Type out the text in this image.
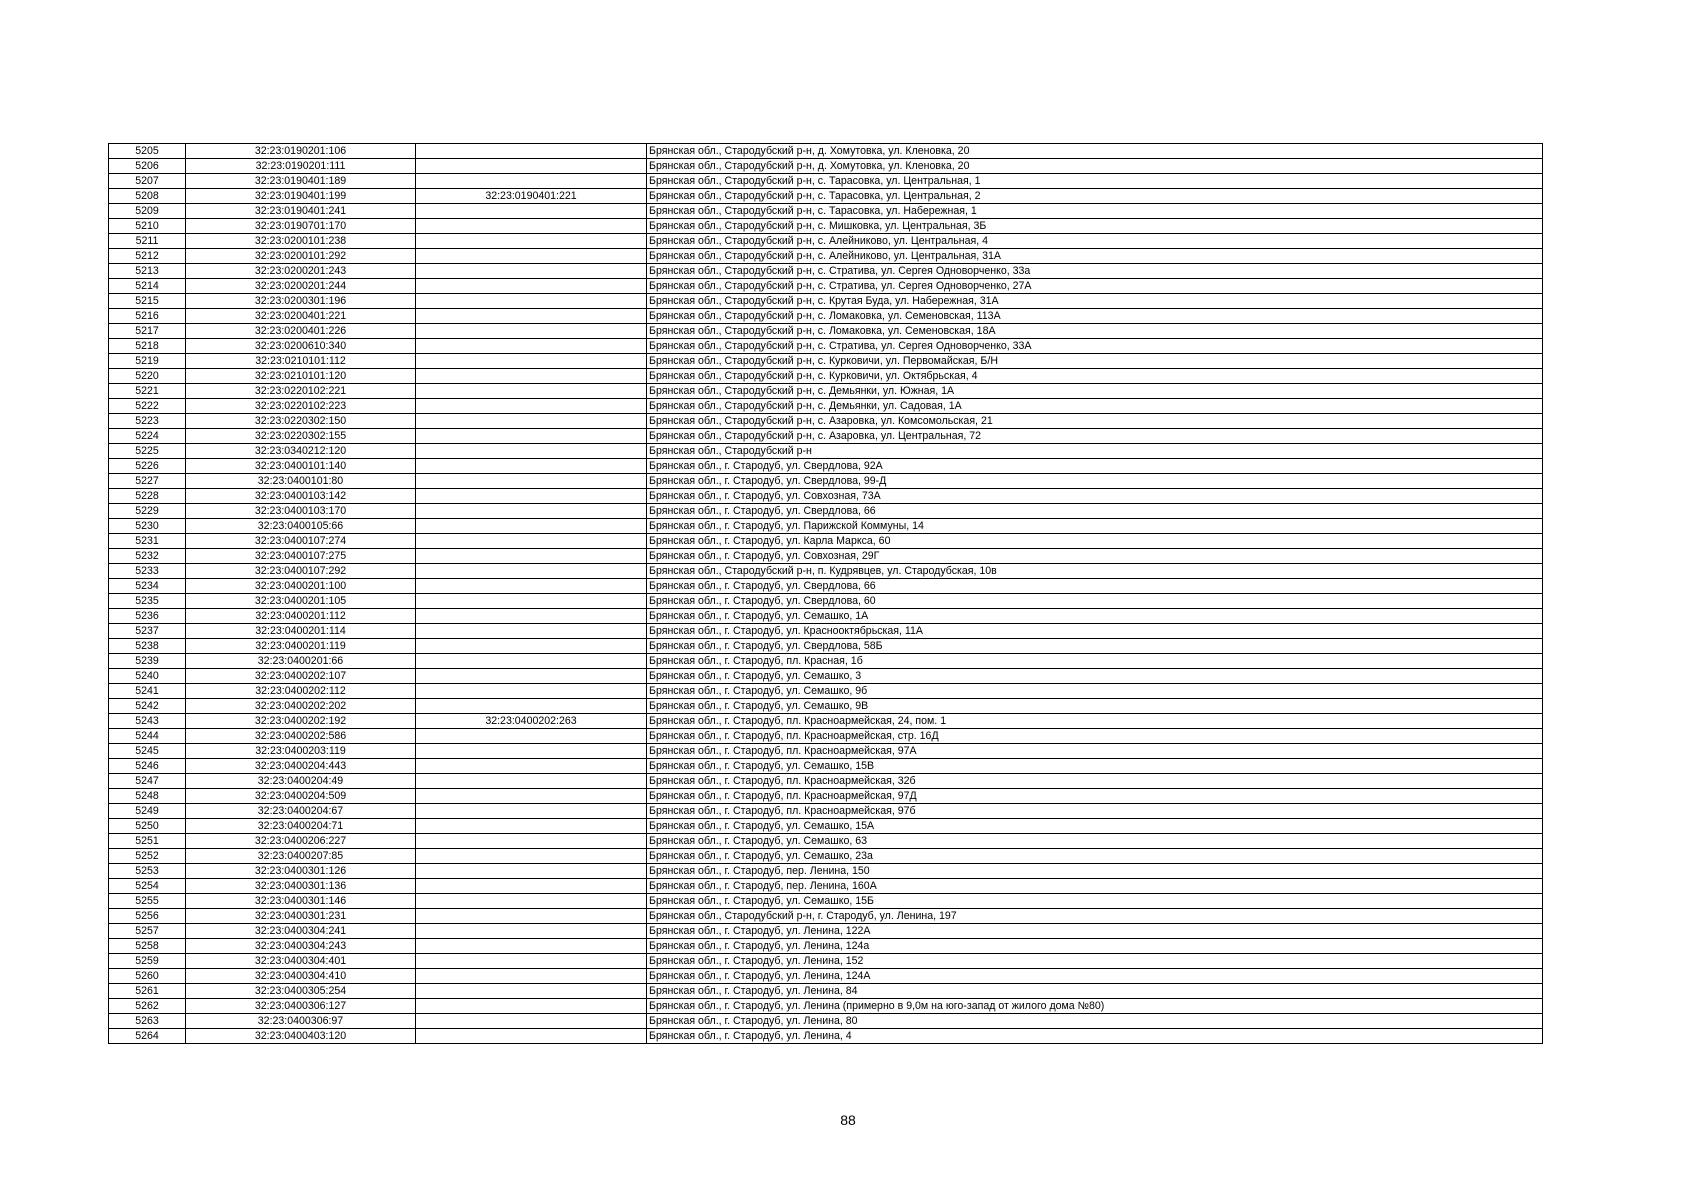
5205	32:23:0190201:106		Брянская обл., Стародубский р-н, д. Хомутовка, ул. Кленовка, 20
5206	32:23:0190201:111		Брянская обл., Стародубский р-н, д. Хомутовка, ул. Кленовка, 20
5207	32:23:0190401:189		Брянская обл., Стародубский р-н, с. Тарасовка, ул. Центральная, 1
5208	32:23:0190401:199	32:23:0190401:221	Брянская обл., Стародубский р-н, с. Тарасовка, ул. Центральная, 2
5209	32:23:0190401:241		Брянская обл., Стародубский р-н, с. Тарасовка, ул. Набережная, 1
5210	32:23:0190701:170		Брянская обл., Стародубский р-н, с. Мишковка, ул. Центральная, 3Б
5211	32:23:0200101:238		Брянская обл., Стародубский р-н, с. Алейниково, ул. Центральная, 4
5212	32:23:0200101:292		Брянская обл., Стародубский р-н, с. Алейниково, ул. Центральная, 31А
5213	32:23:0200201:243		Брянская обл., Стародубский р-н, с. Стратива, ул. Сергея Одноворченко, 33а
5214	32:23:0200201:244		Брянская обл., Стародубский р-н, с. Стратива, ул. Сергея Одноворченко, 27А
5215	32:23:0200301:196		Брянская обл., Стародубский р-н, с. Крутая Буда, ул. Набережная, 31А
5216	32:23:0200401:221		Брянская обл., Стародубский р-н, с. Ломаковка, ул. Семеновская, 113А
5217	32:23:0200401:226		Брянская обл., Стародубский р-н, с. Ломаковка, ул. Семеновская, 18А
5218	32:23:0200610:340		Брянская обл., Стародубский р-н, с. Стратива, ул. Сергея Одноворченко, 33А
5219	32:23:0210101:112		Брянская обл., Стародубский р-н, с. Курковичи, ул. Первомайская, Б/Н
5220	32:23:0210101:120		Брянская обл., Стародубский р-н, с. Курковичи, ул. Октябрьская, 4
5221	32:23:0220102:221		Брянская обл., Стародубский р-н, с. Демьянки, ул. Южная, 1А
5222	32:23:0220102:223		Брянская обл., Стародубский р-н, с. Демьянки, ул. Садовая, 1А
5223	32:23:0220302:150		Брянская обл., Стародубский р-н, с. Азаровка, ул. Комсомольская, 21
5224	32:23:0220302:155		Брянская обл., Стародубский р-н, с. Азаровка, ул. Центральная, 72
5225	32:23:0340212:120		Брянская обл., Стародубский р-н
5226	32:23:0400101:140		Брянская обл., г. Стародуб, ул. Свердлова, 92А
5227	32:23:0400101:80		Брянская обл., г. Стародуб, ул. Свердлова, 99-Д
5228	32:23:0400103:142		Брянская обл., г. Стародуб, ул. Совхозная, 73А
5229	32:23:0400103:170		Брянская обл., г. Стародуб, ул. Свердлова, 66
5230	32:23:0400105:66		Брянская обл., г. Стародуб, ул. Парижской Коммуны, 14
5231	32:23:0400107:274		Брянская обл., г. Стародуб, ул. Карла Маркса, 60
5232	32:23:0400107:275		Брянская обл., г. Стародуб, ул. Совхозная, 29Г
5233	32:23:0400107:292		Брянская обл., Стародубский р-н, п. Кудрявцев, ул. Стародубская, 10в
5234	32:23:0400201:100		Брянская обл., г. Стародуб, ул. Свердлова, 66
5235	32:23:0400201:105		Брянская обл., г. Стародуб, ул. Свердлова, 60
5236	32:23:0400201:112		Брянская обл., г. Стародуб, ул. Семашко, 1А
5237	32:23:0400201:114		Брянская обл., г. Стародуб, ул. Краснооктябрьская, 11А
5238	32:23:0400201:119		Брянская обл., г. Стародуб, ул. Свердлова, 58Б
5239	32:23:0400201:66		Брянская обл., г. Стародуб, пл. Красная, 1б
5240	32:23:0400202:107		Брянская обл., г. Стародуб, ул. Семашко, 3
5241	32:23:0400202:112		Брянская обл., г. Стародуб, ул. Семашко, 9б
5242	32:23:0400202:202		Брянская обл., г. Стародуб, ул. Семашко, 9В
5243	32:23:0400202:192	32:23:0400202:263	Брянская обл., г. Стародуб, пл. Красноармейская, 24, пом. 1
5244	32:23:0400202:586		Брянская обл., г. Стародуб, пл. Красноармейская, стр. 16Д
5245	32:23:0400203:119		Брянская обл., г. Стародуб, пл. Красноармейская, 97А
5246	32:23:0400204:443		Брянская обл., г. Стародуб, ул. Семашко, 15В
5247	32:23:0400204:49		Брянская обл., г. Стародуб, пл. Красноармейская, 32б
5248	32:23:0400204:509		Брянская обл., г. Стародуб, пл. Красноармейская, 97Д
5249	32:23:0400204:67		Брянская обл., г. Стародуб, пл. Красноармейская, 97б
5250	32:23:0400204:71		Брянская обл., г. Стародуб, ул. Семашко, 15А
5251	32:23:0400206:227		Брянская обл., г. Стародуб, ул. Семашко, 63
5252	32:23:0400207:85		Брянская обл., г. Стародуб, ул. Семашко, 23а
5253	32:23:0400301:126		Брянская обл., г. Стародуб, пер. Ленина, 150
5254	32:23:0400301:136		Брянская обл., г. Стародуб, пер. Ленина, 160А
5255	32:23:0400301:146		Брянская обл., г. Стародуб, ул. Семашко, 15Б
5256	32:23:0400301:231		Брянская обл., Стародубский р-н, г. Стародуб, ул. Ленина, 197
5257	32:23:0400304:241		Брянская обл., г. Стародуб, ул. Ленина, 122А
5258	32:23:0400304:243		Брянская обл., г. Стародуб, ул. Ленина, 124а
5259	32:23:0400304:401		Брянская обл., г. Стародуб, ул. Ленина, 152
5260	32:23:0400304:410		Брянская обл., г. Стародуб, ул. Ленина, 124А
5261	32:23:0400305:254		Брянская обл., г. Стародуб, ул. Ленина, 84
5262	32:23:0400306:127		Брянская обл., г. Стародуб, ул. Ленина (примерно в 9,0м на юго-запад от жилого дома №80)
5263	32:23:0400306:97		Брянская обл., г. Стародуб, ул. Ленина, 80
5264	32:23:0400403:120		Брянская обл., г. Стародуб, ул. Ленина, 4
88
